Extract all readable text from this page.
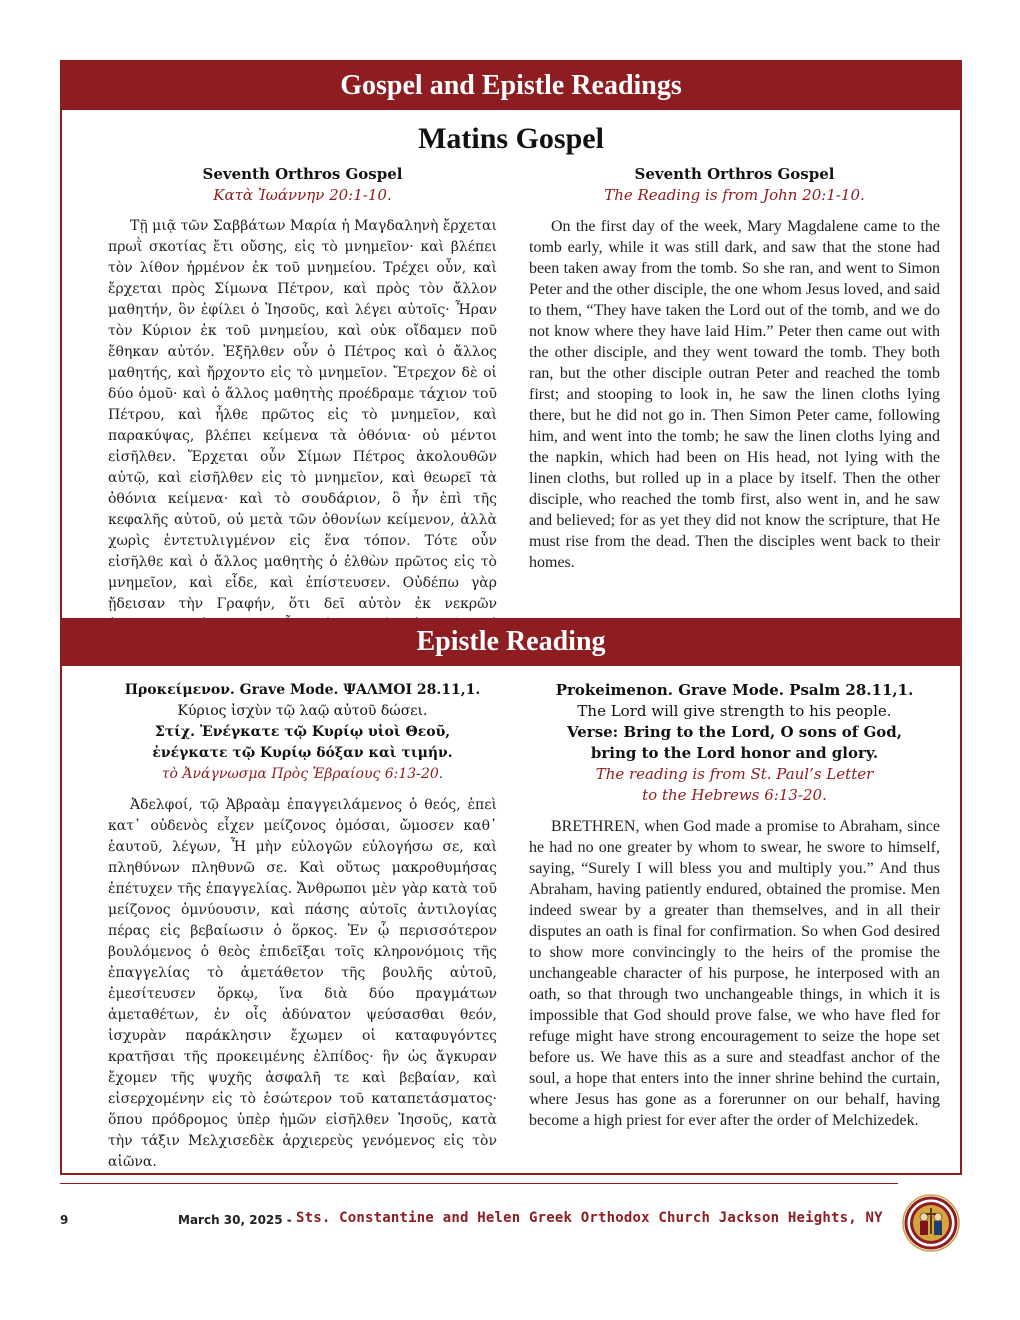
Gospel and Epistle Readings
Matins Gospel
Seventh Orthros Gospel
Κατὰ Ἰωάννην 20:1-10.

Τῇ μιᾷ τῶν Σαββάτων Μαρία ἡ Μαγδαληνὴ ἔρχεται πρωῒ σκοτίας ἔτι οὔσης, εἰς τὸ μνημεῖον· καὶ βλέπει τὸν λίθον ἠρμένον ἐκ τοῦ μνημείου. Τρέχει οὖν, καὶ ἔρχεται πρὸς Σίμωνα Πέτρον, καὶ πρὸς τὸν ἄλλον μαθητήν, ὃν ἐφίλει ὁ Ἰησοῦς, καὶ λέγει αὐτοῖς· Ἦραν τὸν Κύριον ἐκ τοῦ μνημείου, καὶ οὐκ οἴδαμεν ποῦ ἔθηκαν αὐτόν. Ἐξῆλθεν οὖν ὁ Πέτρος καὶ ὁ ἄλλος μαθητής, καὶ ἤρχοντο εἰς τὸ μνημεῖον. Ἔτρεχον δὲ οἱ δύο ὁμοῦ· καὶ ὁ ἄλλος μαθητὴς προέδραμε τάχιον τοῦ Πέτρου, καὶ ἦλθε πρῶτος εἰς τὸ μνημεῖον, καὶ παρακύψας, βλέπει κείμενα τὰ ὀθόνια· οὐ μέντοι εἰσῆλθεν. Ἔρχεται οὖν Σίμων Πέτρος ἀκολουθῶν αὐτῷ, καὶ εἰσῆλθεν εἰς τὸ μνημεῖον, καὶ θεωρεῖ τὰ ὀθόνια κείμενα· καὶ τὸ σουδάριον, ὃ ἦν ἐπὶ τῆς κεφαλῆς αὐτοῦ, οὐ μετὰ τῶν ὀθονίων κείμενον, ἀλλὰ χωρὶς ἐντετυλιγμένον εἰς ἕνα τόπον. Τότε οὖν εἰσῆλθε καὶ ὁ ἄλλος μαθητὴς ὁ ἐλθὼν πρῶτος εἰς τὸ μνημεῖον, καὶ εἶδε, καὶ ἐπίστευσεν. Οὐδέπω γὰρ ᾔδεισαν τὴν Γραφήν, ὅτι δεῖ αὐτὸν ἐκ νεκρῶν

Seventh Orthros Gospel
The Reading is from John 20:1-10.

On the first day of the week, Mary Magdalene came to the tomb early, while it was still dark, and saw that the stone had been taken away from the tomb. So she ran, and went to Simon Peter and the other disciple, the one whom Jesus loved, and said to them, “They have taken the Lord out of the tomb, and we do not know where they have laid Him.” Peter then came out with the other disciple, and they went toward the tomb. They both ran, but the other disciple outran Peter and reached the tomb first; and stooping to look in, he saw the linen cloths lying there, but he did not go in. Then Simon Peter came, following him, and went into the tomb; he saw the linen cloths lying and the napkin, which had been on His head, not lying with the linen cloths, but rolled up in a place by itself. Then the other disciple, who reached the tomb first, also went in, and he saw and believed; for as yet they did not know the scripture, that He must rise from the dead. Then the disciples went back to their homes.

Epistle Reading
Προκείμενον. Grave Mode. ΨΑΛΜΟΙ 28.11,1.
Κύριος ἰσχὺν τῷ λαῷ αὐτοῦ δώσει.
Στίχ. Ἐνέγκατε τῷ Κυρίῳ υἱοὶ Θεοῦ,
ἐνέγκατε τῷ Κυρίῳ δόξαν καὶ τιμήν.
τὸ Ἀνάγνωσμα Πρὸς Ἑβραίους 6:13-20.

Ἀδελφοί, τῷ Ἀβραὰμ ἐπαγγειλάμενος ὁ θεός, ἐπεὶ κατ᾽ οὐδενὸς εἶχεν μείζονος ὀμόσαι, ὤμοσεν καθ᾽ ἑαυτοῦ, λέγων, Ἦ μὴν εὐλογῶν εὐλογήσω σε, καὶ πληθύνων πληθυνῶ σε. Καὶ οὕτως μακροθυμήσας ἐπέτυχεν τῆς ἐπαγγελίας. Ἄνθρωποι μὲν γὰρ κατὰ τοῦ μείζονος ὀμνύουσιν, καὶ πάσης αὐτοῖς ἀντιλογίας πέρας εἰς βεβαίωσιν ὁ ὅρκος. Ἐν ᾧ περισσότερον βουλόμενος ὁ θεὸς ἐπιδεῖξαι τοῖς κληρονόμοις τῆς ἐπαγγελίας τὸ ἀμετάθετον τῆς βουλῆς αὐτοῦ, ἐμεσίτευσεν ὅρκῳ, ἵνα διὰ δύο πραγμάτων ἀμεταθέτων, ἐν οἷς ἀδύνατον ψεύσασθαι θεόν, ἰσχυρὰν παράκλησιν ἔχωμεν οἱ καταφυγόντες κρατῆσαι τῆς προκειμένης ἐλπίδος· ἣν ὡς ἄγκυραν ἔχομεν τῆς ψυχῆς ἀσφαλῆ τε καὶ βεβαίαν, καὶ εἰσερχομένην εἰς τὸ ἐσώτερον τοῦ καταπετάσματος· ὅπου πρόδρομος ὑπὲρ ἡμῶν εἰσῆλθεν Ἰησοῦς, κατὰ τὴν τάξιν Μελχισεδὲκ ἀρχιερεὺς γενόμενος εἰς τὸν αἰῶνα.

Prokeimenon. Grave Mode. Psalm 28.11,1.
The Lord will give strength to his people.
Verse: Bring to the Lord, O sons of God,
bring to the Lord honor and glory.
The reading is from St. Paul’s Letter
to the Hebrews 6:13-20.

BRETHREN, when God made a promise to Abraham, since he had no one greater by whom to swear, he swore to himself, saying, “Surely I will bless you and multiply you.” And thus Abraham, having patiently endured, obtained the promise. Men indeed swear by a greater than themselves, and in all their disputes an oath is final for confirmation. So when God desired to show more convincingly to the heirs of the promise the unchangeable character of his purpose, he interposed with an oath, so that through two unchangeable things, in which it is impossible that God should prove false, we who have fled for refuge might have strong encouragement to seize the hope set before us. We have this as a sure and steadfast anchor of the soul, a hope that enters into the inner shrine behind the curtain, where Jesus has gone as a forerunner on our behalf, having become a high priest for ever after the order of Melchizedek.

9	March 30, 2025 - Sts. Constantine and Helen Greek Orthodox Church Jackson Heights, NY
